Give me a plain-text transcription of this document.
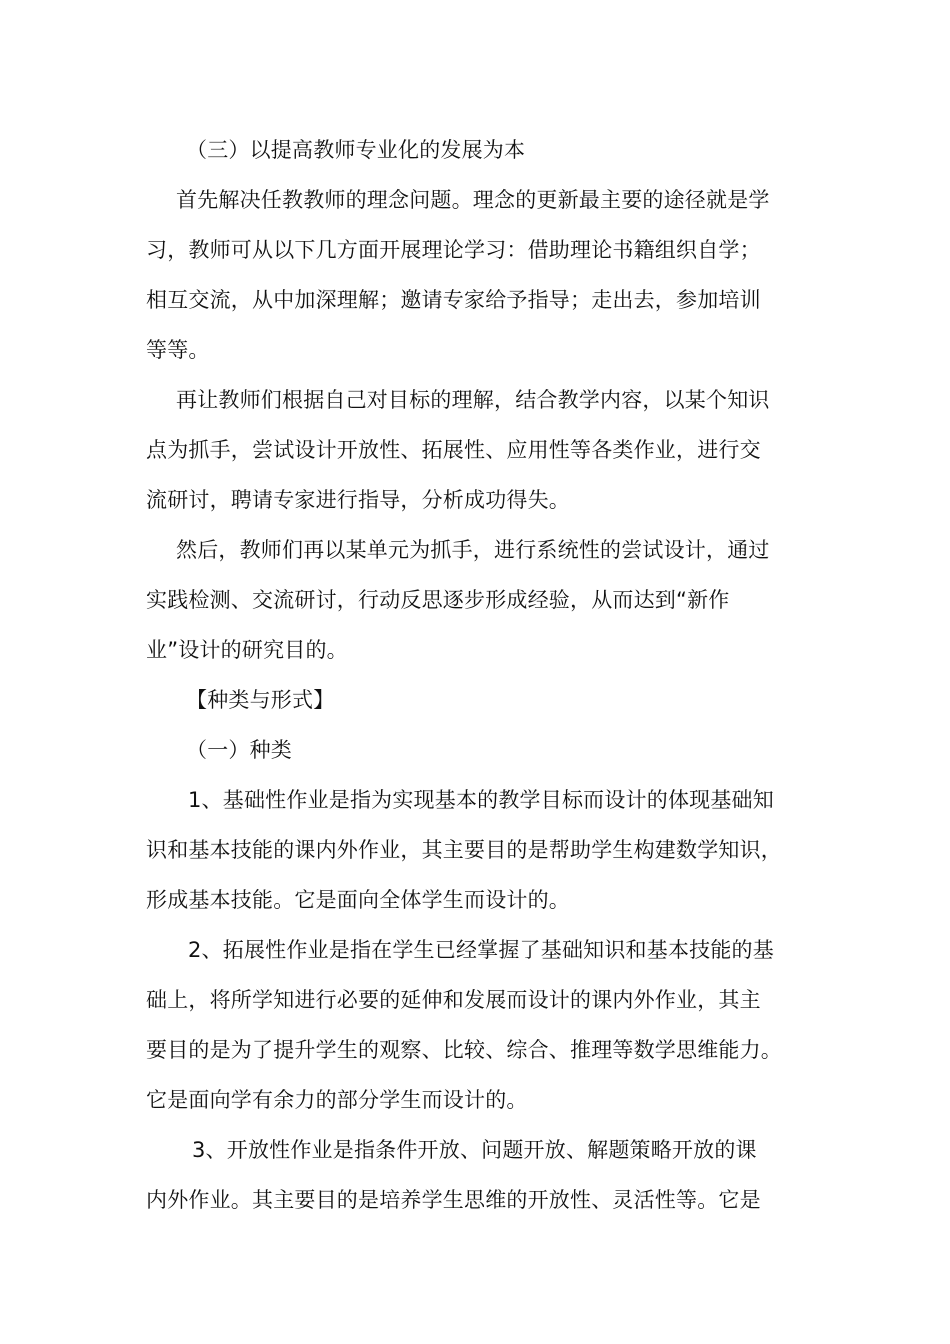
（三）以提高教师专业化的发展为本
首先解决任教教师的理念问题。理念的更新最主要的途径就是学
习，教师可从以下几方面开展理论学习：借助理论书籍组织自学；
相互交流，从中加深理解；邀请专家给予指导；走出去，参加培训
等等。
再让教师们根据自己对目标的理解，结合教学内容，以某个知识
点为抓手，尝试设计开放性、拓展性、应用性等各类作业，进行交
流研讨，聘请专家进行指导，分析成功得失。
然后，教师们再以某单元为抓手，进行系统性的尝试设计，通过
实践检测、交流研讨，行动反思逐步形成经验，从而达到“新作
业”设计的研究目的。
【种类与形式】
（一）种类
1、基础性作业是指为实现基本的教学目标而设计的体现基础知
识和基本技能的课内外作业，其主要目的是帮助学生构建数学知识，
形成基本技能。它是面向全体学生而设计的。
2、拓展性作业是指在学生已经掌握了基础知识和基本技能的基
础上，将所学知进行必要的延伸和发展而设计的课内外作业，其主
要目的是为了提升学生的观察、比较、综合、推理等数学思维能力。
它是面向学有余力的部分学生而设计的。
3、开放性作业是指条件开放、问题开放、解题策略开放的课
内外作业。其主要目的是培养学生思维的开放性、灵活性等。它是
